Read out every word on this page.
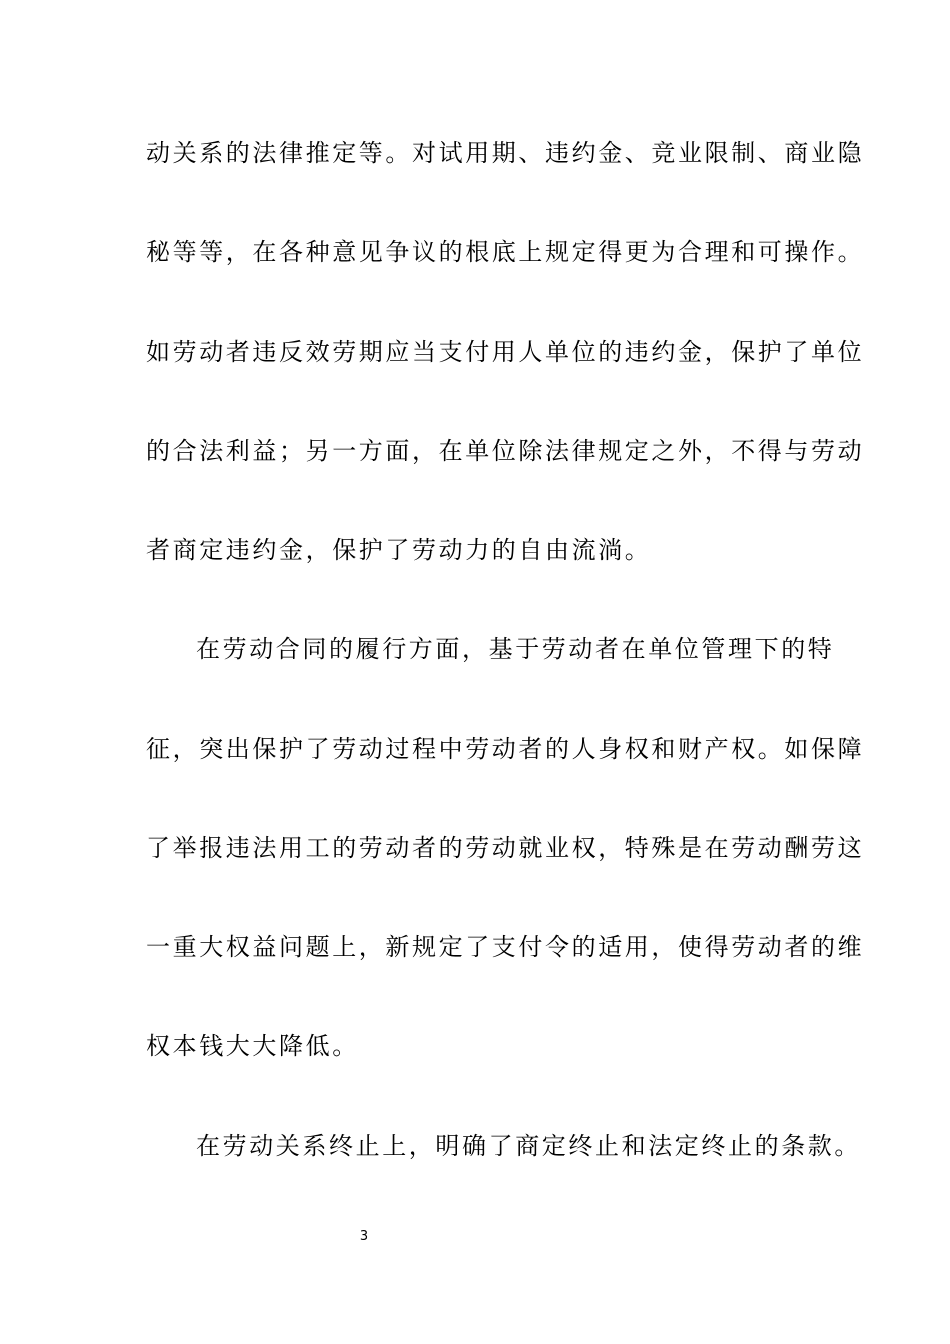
动关系的法律推定等。对试用期、违约金、竞业限制、商业隐
秘等等，在各种意见争议的根底上规定得更为合理和可操作。
如劳动者违反效劳期应当支付用人单位的违约金，保护了单位
的合法利益；另一方面，在单位除法律规定之外，不得与劳动
者商定违约金，保护了劳动力的自由流淌。
在劳动合同的履行方面，基于劳动者在单位管理下的特
征，突出保护了劳动过程中劳动者的人身权和财产权。如保障
了举报违法用工的劳动者的劳动就业权，特殊是在劳动酬劳这
一重大权益问题上，新规定了支付令的适用，使得劳动者的维
权本钱大大降低。
在劳动关系终止上，明确了商定终止和法定终止的条款。
3
